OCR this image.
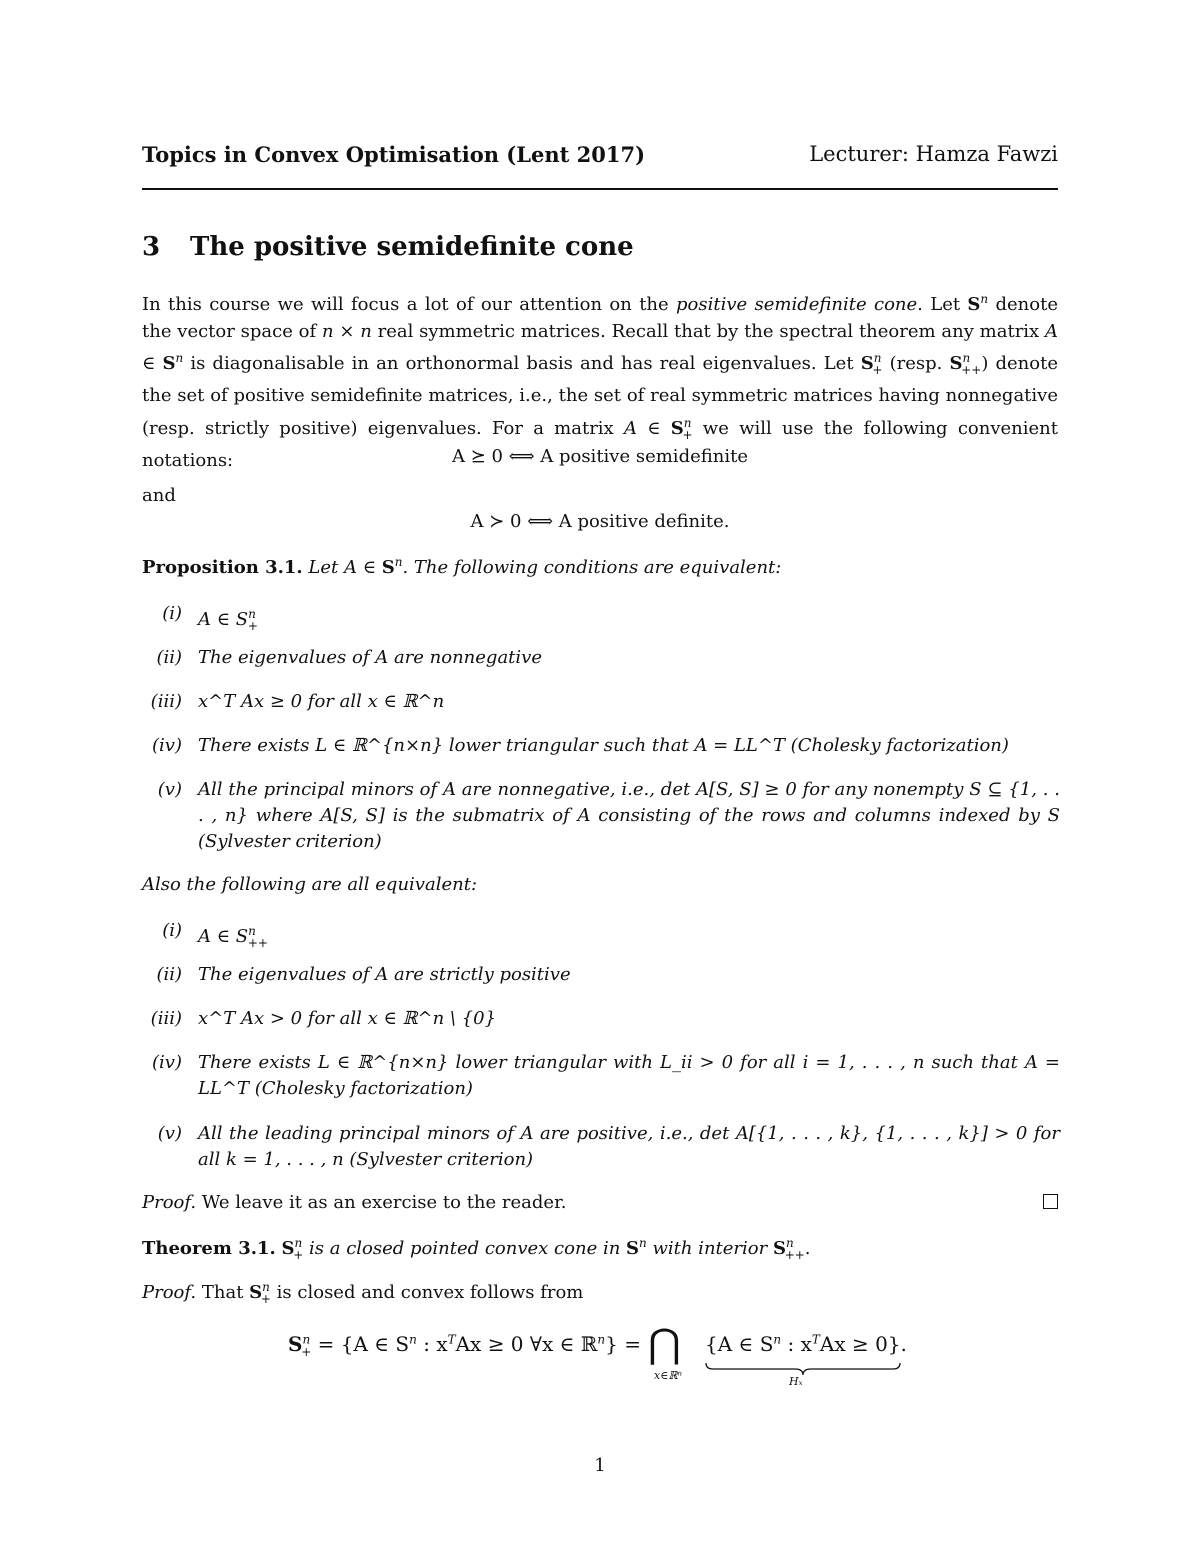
Topics in Convex Optimisation (Lent 2017)	Lecturer: Hamza Fawzi
3 The positive semidefinite cone
In this course we will focus a lot of our attention on the positive semidefinite cone. Let $S^n$ denote the vector space of n × n real symmetric matrices. Recall that by the spectral theorem any matrix A ∈ $S^n$ is diagonalisable in an orthonormal basis and has real eigenvalues. Let $S^n_+$ (resp. $S^n_{++}$) denote the set of positive semidefinite matrices, i.e., the set of real symmetric matrices having nonnegative (resp. strictly positive) eigenvalues. For a matrix A ∈ $S^n_+$ we will use the following convenient notations:	A ⪰ 0 ⟺ A positive semidefinite
and
A ≻ 0 ⟺ A positive definite.
Proposition 3.1. Let A ∈ $S^n$. The following conditions are equivalent:
(i) A ∈ $S^n_+$
(ii) The eigenvalues of A are nonnegative
(iii) x^T Ax ≥ 0 for all x ∈ ℝ^n
(iv) There exists L ∈ ℝ^{n×n} lower triangular such that A = LL^T (Cholesky factorization)
(v) All the principal minors of A are nonnegative, i.e., det A[S, S] ≥ 0 for any nonempty S ⊆ {1, . . . , n} where A[S, S] is the submatrix of A consisting of the rows and columns indexed by S (Sylvester criterion)
Also the following are all equivalent:
(i) A ∈ $S^n_{++}$
(ii) The eigenvalues of A are strictly positive
(iii) x^T Ax > 0 for all x ∈ ℝ^n \ {0}
(iv) There exists L ∈ ℝ^{n×n} lower triangular with L_ii > 0 for all i = 1, . . . , n such that A = LL^T (Cholesky factorization)
(v) All the leading principal minors of A are positive, i.e., det A[{1, . . . , k}, {1, . . . , k}] > 0 for all k = 1, . . . , n (Sylvester criterion)
Proof. We leave it as an exercise to the reader.
Theorem 3.1. $S^n_+$ is a closed pointed convex cone in $S^n$ with interior $S^n_{++}$.
Proof. That $S^n_+$ is closed and convex follows from
$S^n_+ = \{A$ ∈ $S^n$ : $x^TAx \ge 0$ ∀x ∈ ℝ$^n$} = ⋂
x∈ℝⁿ
{A ∈ $S^n$ : $x^TAx \ge 0$}.
Hₓ
1
